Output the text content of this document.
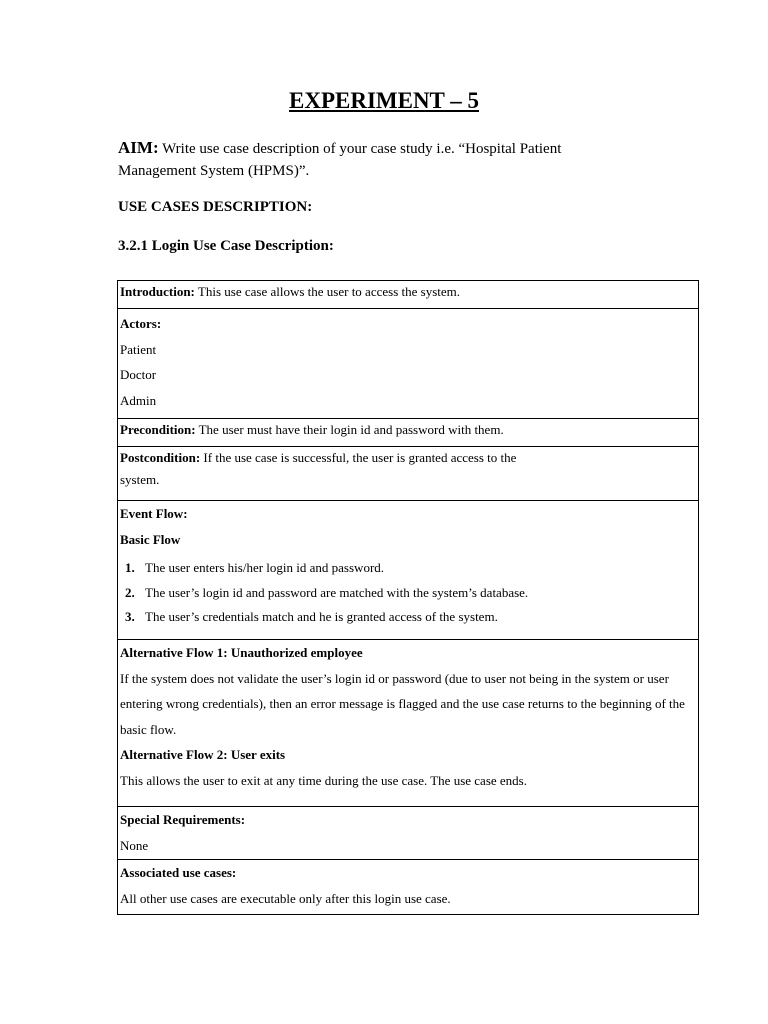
EXPERIMENT – 5
AIM: Write use case description of your case study i.e. “Hospital Patient Management System (HPMS)”.
USE CASES DESCRIPTION:
3.2.1 Login Use Case Description:
Introduction: This use case allows the user to access the system.

Actors:
Patient
Doctor
Admin

Precondition: The user must have their login id and password with them.

Postcondition: If the use case is successful, the user is granted access to the
system.

Event Flow:
Basic Flow
1. The user enters his/her login id and password.
2. The user’s login id and password are matched with the system’s database.
3. The user’s credentials match and he is granted access of the system.

Alternative Flow 1: Unauthorized employee
If the system does not validate the user’s login id or password (due to user not being in the system or user entering wrong credentials), then an error message is flagged and the use case returns to the beginning of the basic flow.
Alternative Flow 2: User exits
This allows the user to exit at any time during the use case. The use case ends.

Special Requirements:
None

Associated use cases:
All other use cases are executable only after this login use case.
